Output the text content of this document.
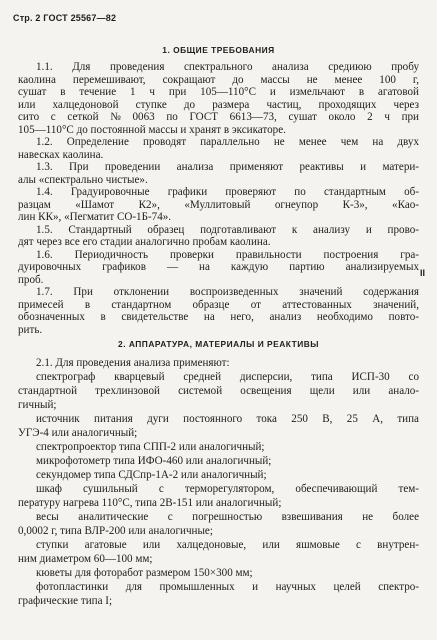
Стр. 2 ГОСТ 25567—82
1. ОБЩИЕ ТРЕБОВАНИЯ
1.1. Для проведения спектрального анализа средиюю пробу
каолина перемешивают, сокращают до массы не менее 100 г,
сушат в течение 1 ч при 105—110°С и измельчают в агатовой
или халцедоновой ступке до размера частиц, проходящих через
сито с сеткой № 0063 по ГОСТ 6613—73, сушат около 2 ч при
105—110°С до постоянной массы и хранят в эксикаторе.
1.2. Определение проводят параллельно не менее чем на двух
навесках каолина.
1.3. При проведении анализа применяют реактивы и матери-
алы «спектрально чистые».
1.4. Градуировочные графики проверяют по стандартным об-
разцам «Шамот К2», «Муллитовый огнеупор К-3», «Као-
лин КК», «Пегматит СО-1Б-74».
1.5. Стандартный образец подготавливают к анализу и прово-
дят через все его стадии аналогично пробам каолина.
1.6. Периодичность проверки правильности построения гра-
дуировочных графиков — на каждую партию анализируемых
проб.
1.7. При отклонении воспроизведенных значений содержания
примесей в стандартном образце от аттестованных значений,
обозначенных в свидетельстве на него, анализ необходимо повто-
рить.
2. АППАРАТУРА, МАТЕРИАЛЫ И РЕАКТИВЫ
2.1. Для проведения анализа применяют:
спектрограф кварцевый средней дисперсии, типа ИСП-30 со
стандартной трехлинзовой системой освещения щели или анало-
гичный;
источник питания дуги постоянного тока 250 В, 25 А, типа
УГЭ-4 или аналогичный;
спектропроектор типа СПП-2 или аналогичный;
микрофотометр типа ИФО-460 или аналогичный;
секундомер типа СДСпр-1А-2 или аналогичный;
шкаф сушильный с терморегулятором, обеспечивающий тем-
пературу нагрева 110°С, типа 2В-151 или аналогичный;
весы аналитические с погрешностью взвешивания не более
0,0002 г, типа ВЛР-200 или аналогичные;
ступки агатовые или халцедоновые, или яшмовые с внутрен-
ним диаметром 60—100 мм;
кюветы для фоторабот размером 150×300 мм;
фотопластинки для промышленных и научных целей спектро-
графические типа I;
II
